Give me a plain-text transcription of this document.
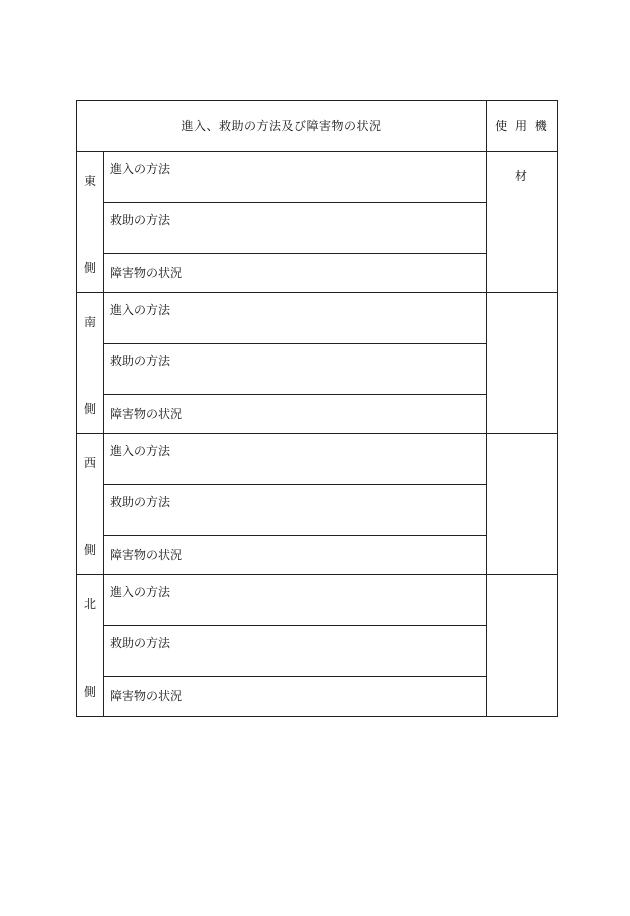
進入、救助の方法及び障害物の状況	使 用 機 材
東
側
進入の方法
救助の方法
障害物の状況
南
側
進入の方法
救助の方法
障害物の状況
西
側
進入の方法
救助の方法
障害物の状況
北
側
進入の方法
救助の方法
障害物の状況
